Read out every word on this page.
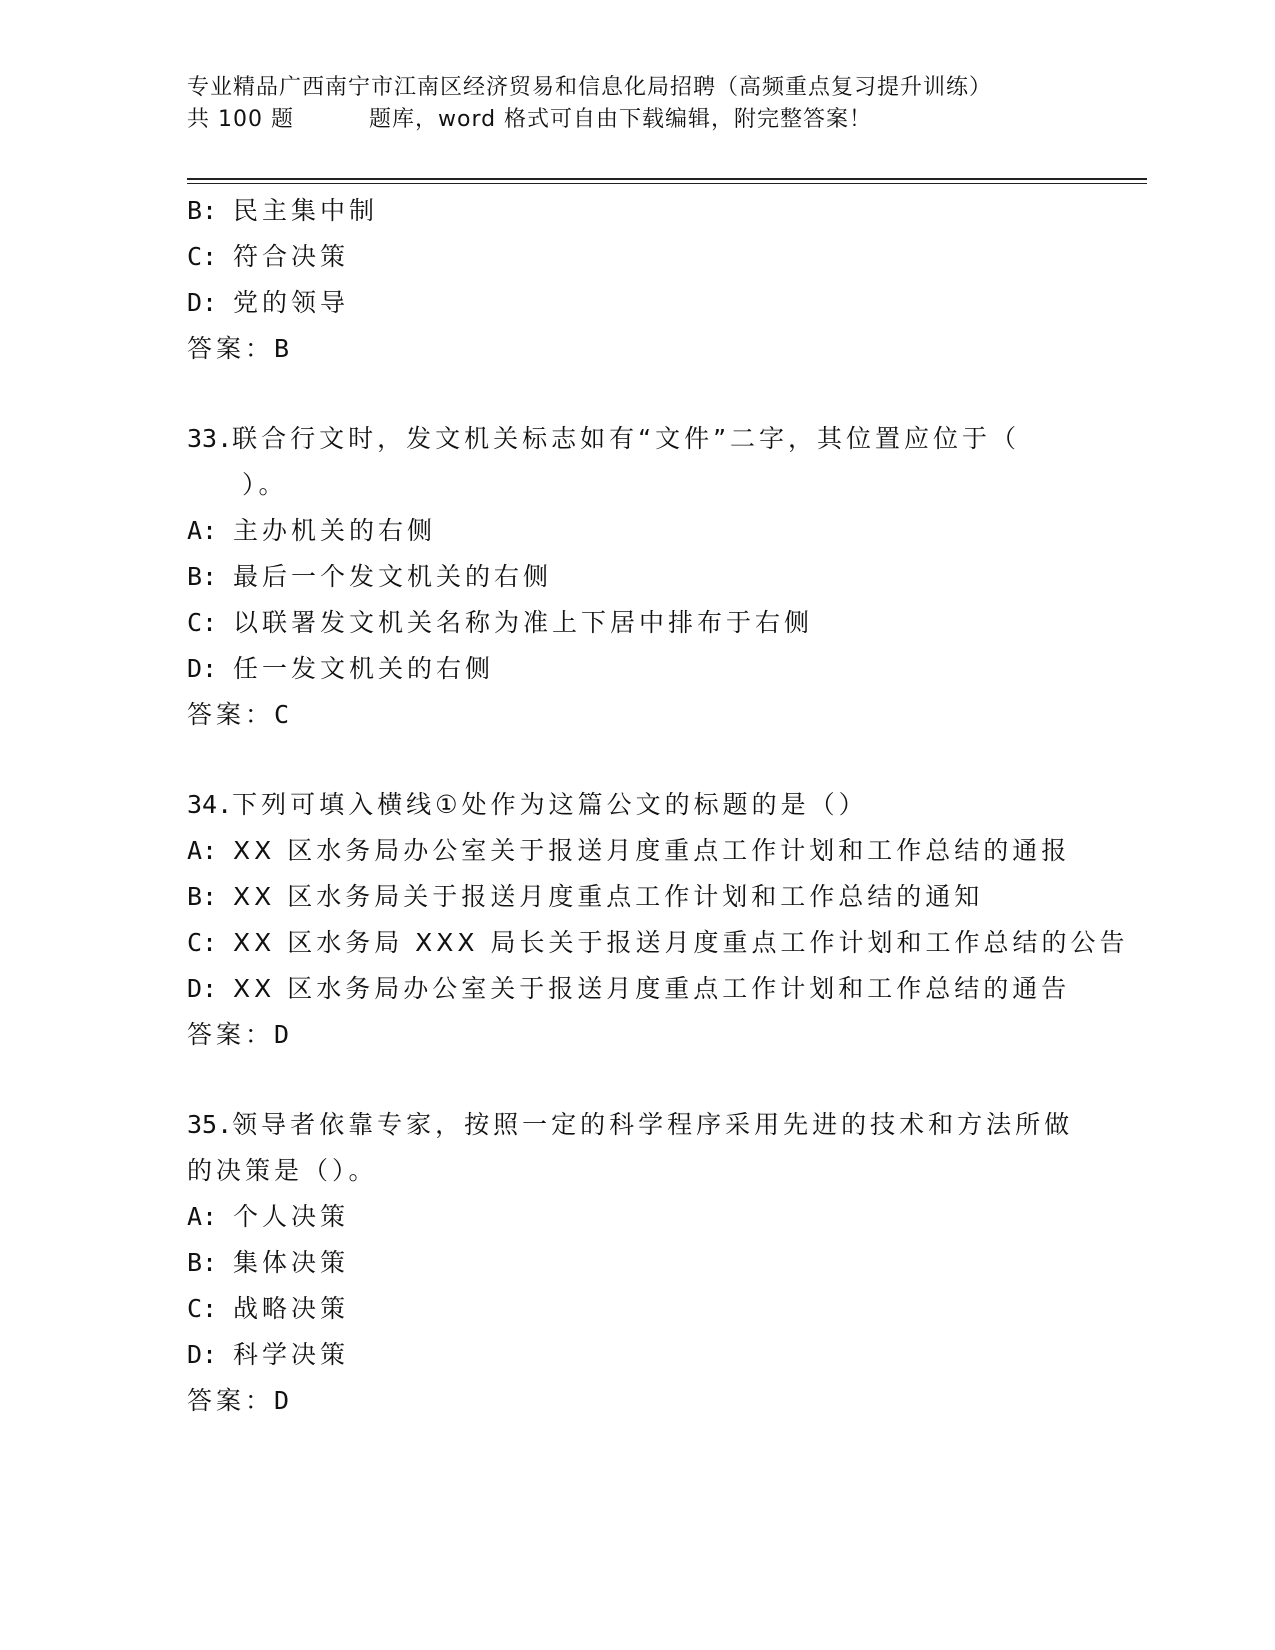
专业精品广西南宁市江南区经济贸易和信息化局招聘（高频重点复习提升训练）
共 100 题	题库，word 格式可自由下载编辑，附完整答案！
B: 民主集中制
C: 符合决策
D: 党的领导
答案：B
33.联合行文时，发文机关标志如有“文件”二字，其位置应位于（
）。
A: 主办机关的右侧
B: 最后一个发文机关的右侧
C: 以联署发文机关名称为准上下居中排布于右侧
D: 任一发文机关的右侧
答案：C
34.下列可填入横线①处作为这篇公文的标题的是（）
A: XX 区水务局办公室关于报送月度重点工作计划和工作总结的通报
B: XX 区水务局关于报送月度重点工作计划和工作总结的通知
C: XX 区水务局 XXX 局长关于报送月度重点工作计划和工作总结的公告
D: XX 区水务局办公室关于报送月度重点工作计划和工作总结的通告
答案：D
35.领导者依靠专家，按照一定的科学程序采用先进的技术和方法所做
的决策是（）。
A: 个人决策
B: 集体决策
C: 战略决策
D: 科学决策
答案：D
